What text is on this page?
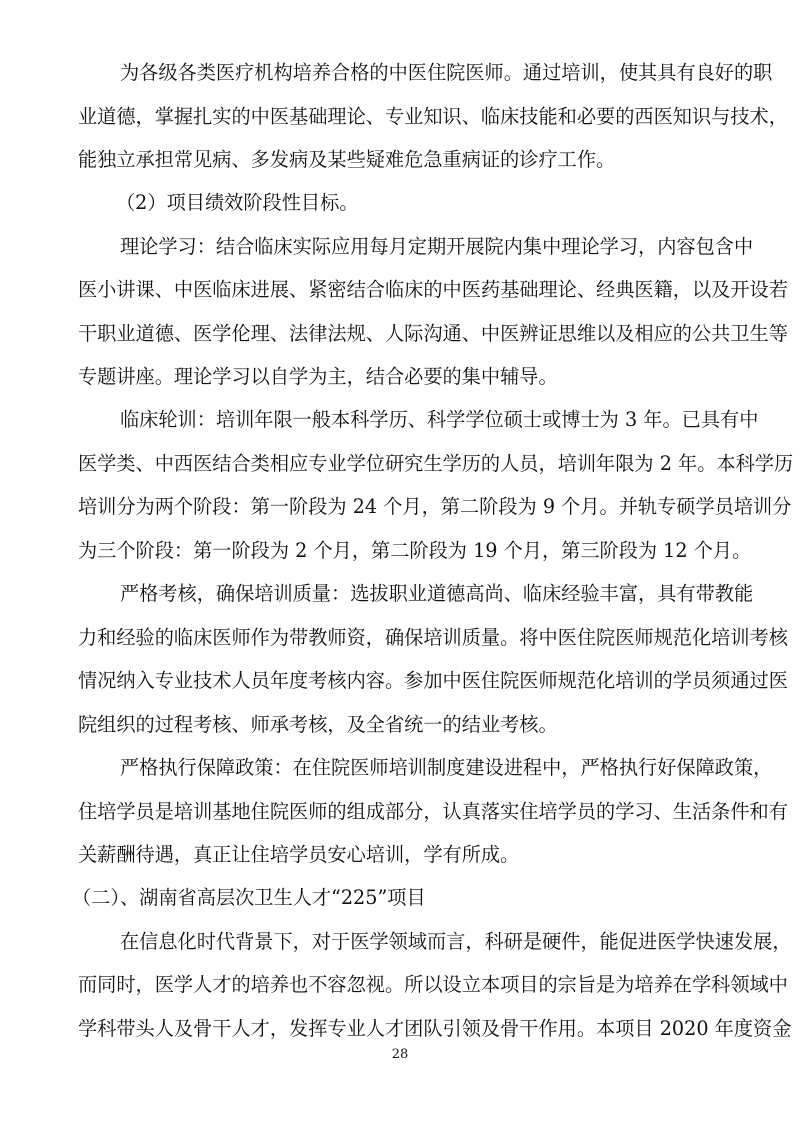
为各级各类医疗机构培养合格的中医住院医师。通过培训，使其具有良好的职
业道德，掌握扎实的中医基础理论、专业知识、临床技能和必要的西医知识与技术，
能独立承担常见病、多发病及某些疑难危急重病证的诊疗工作。
（2）项目绩效阶段性目标。
理论学习：结合临床实际应用每月定期开展院内集中理论学习，内容包含中
医小讲课、中医临床进展、紧密结合临床的中医药基础理论、经典医籍，以及开设若
干职业道德、医学伦理、法律法规、人际沟通、中医辨证思维以及相应的公共卫生等
专题讲座。理论学习以自学为主，结合必要的集中辅导。
临床轮训：培训年限一般本科学历、科学学位硕士或博士为 3 年。已具有中
医学类、中西医结合类相应专业学位研究生学历的人员，培训年限为 2 年。本科学历
培训分为两个阶段：第一阶段为 24 个月，第二阶段为 9 个月。并轨专硕学员培训分
为三个阶段：第一阶段为 2 个月，第二阶段为 19 个月，第三阶段为 12 个月。
严格考核，确保培训质量：选拔职业道德高尚、临床经验丰富，具有带教能
力和经验的临床医师作为带教师资，确保培训质量。将中医住院医师规范化培训考核
情况纳入专业技术人员年度考核内容。参加中医住院医师规范化培训的学员须通过医
院组织的过程考核、师承考核，及全省统一的结业考核。
严格执行保障政策：在住院医师培训制度建设进程中，严格执行好保障政策，
住培学员是培训基地住院医师的组成部分，认真落实住培学员的学习、生活条件和有
关薪酬待遇，真正让住培学员安心培训，学有所成。
（二）、湖南省高层次卫生人才“225”项目
在信息化时代背景下，对于医学领域而言，科研是硬件，能促进医学快速发展，
而同时，医学人才的培养也不容忽视。所以设立本项目的宗旨是为培养在学科领域中
学科带头人及骨干人才，发挥专业人才团队引领及骨干作用。本项目 2020 年度资金
28
